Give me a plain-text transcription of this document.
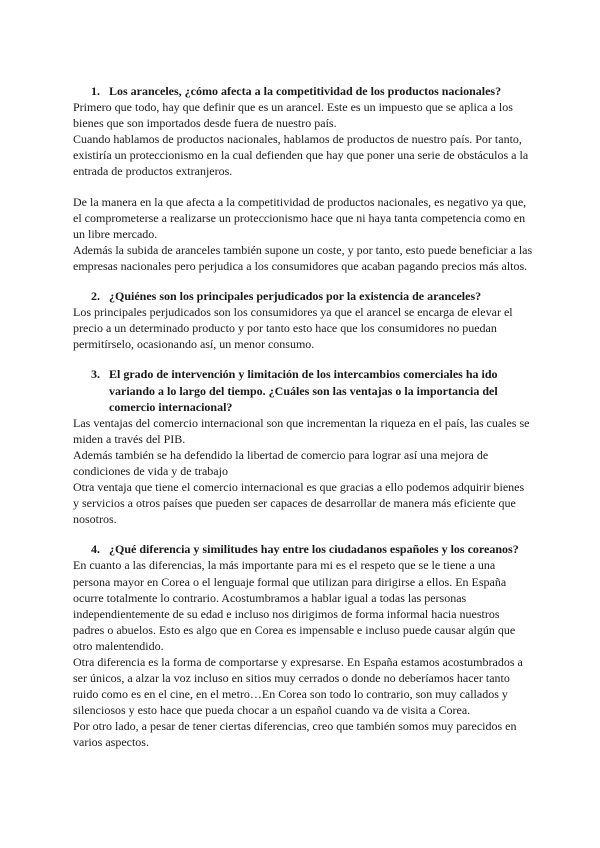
1. Los aranceles, ¿cómo afecta a la competitividad de los productos nacionales?

Primero que todo, hay que definir que es un arancel. Este es un impuesto que se aplica a los bienes que son importados desde fuera de nuestro país.

Cuando hablamos de productos nacionales, hablamos de productos de nuestro país. Por tanto, existiría un proteccionismo en la cual defienden que hay que poner una serie de obstáculos a la entrada de productos extranjeros.

De la manera en la que afecta a la competitividad de productos nacionales, es negativo ya que, el comprometerse a realizarse un proteccionismo hace que ni haya tanta competencia como en un libre mercado.

Además la subida de aranceles también supone un coste, y por tanto, esto puede beneficiar a las empresas nacionales pero perjudica a los consumidores que acaban pagando precios más altos.

2. ¿Quiénes son los principales perjudicados por la existencia de aranceles?

Los principales perjudicados son los consumidores ya que el arancel se encarga de elevar el precio a un determinado producto y por tanto esto hace que los consumidores no puedan permitírselo, ocasionando así, un menor consumo.

3. El grado de intervención y limitación de los intercambios comerciales ha ido variando a lo largo del tiempo. ¿Cuáles son las ventajas o la importancia del comercio internacional?

Las ventajas del comercio internacional son que incrementan la riqueza en el país, las cuales se miden a través del PIB.

Además también se ha defendido la libertad de comercio para lograr así una mejora de condiciones de vida y de trabajo

Otra ventaja que tiene el comercio internacional es que gracias a ello podemos adquirir bienes y servicios a otros países que pueden ser capaces de desarrollar de manera más eficiente que nosotros.

4. ¿Qué diferencia y similitudes hay entre los ciudadanos españoles y los coreanos?

En cuanto a las diferencias, la más importante para mi es el respeto que se le tiene a una persona mayor en Corea o el lenguaje formal que utilizan para dirigirse a ellos. En España ocurre totalmente lo contrario. Acostumbramos a hablar igual a todas las personas independientemente de su edad e incluso nos dirigimos de forma informal hacia nuestros padres o abuelos. Esto es algo que en Corea es impensable e incluso puede causar algún que otro malentendido.

Otra diferencia es la forma de comportarse y expresarse. En España estamos acostumbrados a ser únicos, a alzar la voz incluso en sitios muy cerrados o donde no deberíamos hacer tanto ruido como es en el cine, en el metro…En Corea son todo lo contrario, son muy callados y silenciosos y esto hace que pueda chocar a un español cuando va de visita a Corea.

Por otro lado, a pesar de tener ciertas diferencias, creo que también somos muy parecidos en varios aspectos.
